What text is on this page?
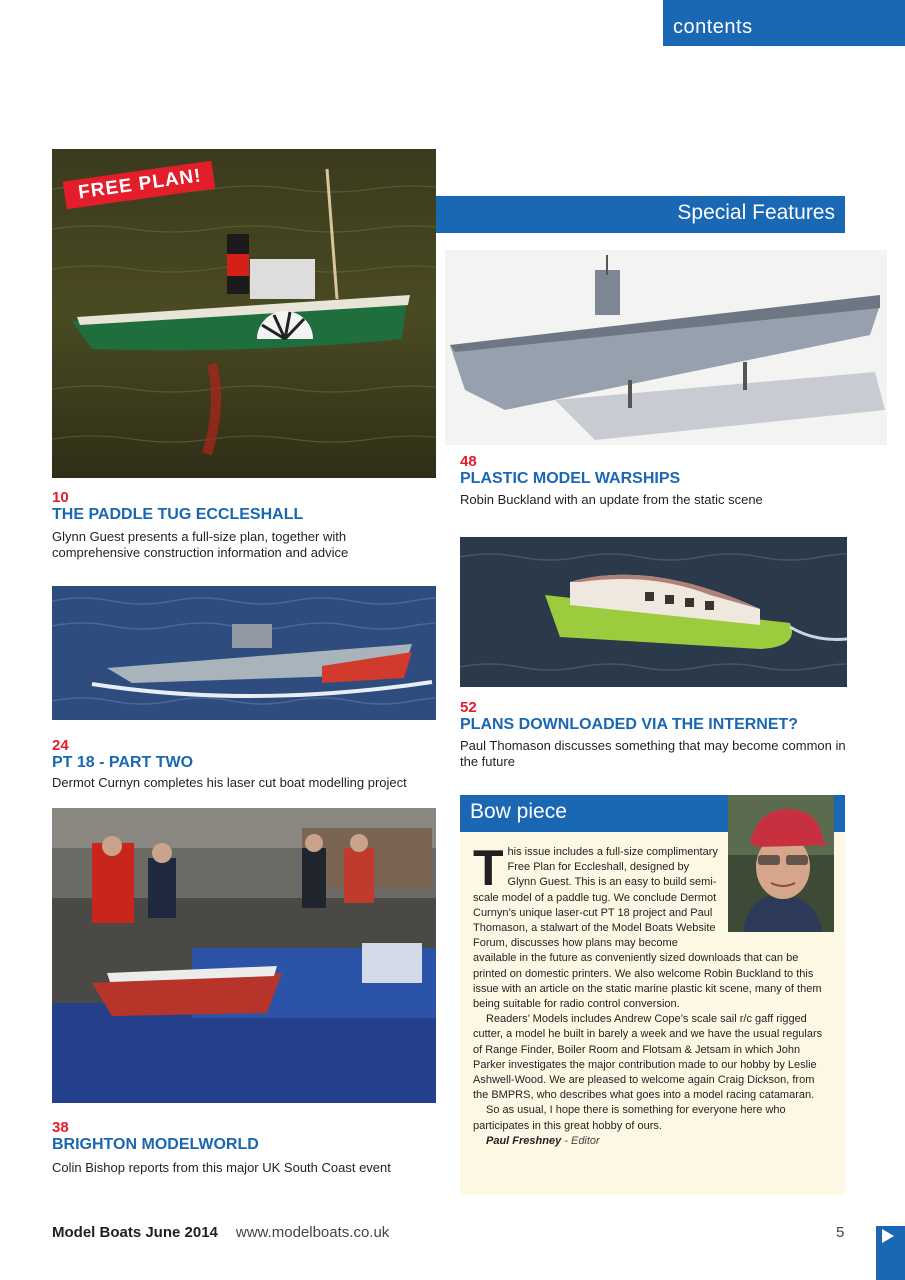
contents
FREE PLAN!
Special Features
48
PLASTIC MODEL WARSHIPS
Robin Buckland with an update from the static scene
10
THE PADDLE TUG ECCLESHALL
Glynn Guest presents a full-size plan, together with comprehensive construction information and advice
52
PLANS DOWNLOADED VIA THE INTERNET?
Paul Thomason discusses something that may become common in the future
24
PT 18 - PART TWO
Dermot Curnyn completes his laser cut boat modelling project
38
BRIGHTON MODELWORLD
Colin Bishop reports from this major UK South Coast event
Bow piece

This issue includes a full-size complimentary Free Plan for Eccleshall, designed by Glynn Guest. This is an easy to build semi-scale model of a paddle tug. We conclude Dermot Curnyn’s unique laser-cut PT 18 project and Paul Thomason, a stalwart of the Model Boats Website Forum, discusses how plans may become available in the future as conveniently sized downloads that can be printed on domestic printers. We also welcome Robin Buckland to this issue with an article on the static marine plastic kit scene, many of them being suitable for radio control conversion.

Readers’ Models includes Andrew Cope’s scale sail r/c gaff rigged cutter, a model he built in barely a week and we have the usual regulars of Range Finder, Boiler Room and Flotsam & Jetsam in which John Parker investigates the major contribution made to our hobby by Leslie Ashwell-Wood. We are pleased to welcome again Craig Dickson, from the BMPRS, who describes what goes into a model racing catamaran.

So as usual, I hope there is something for everyone here who participates in this great hobby of ours.

Paul Freshney - Editor

Model Boats June 2014 www.modelboats.co.uk	5
